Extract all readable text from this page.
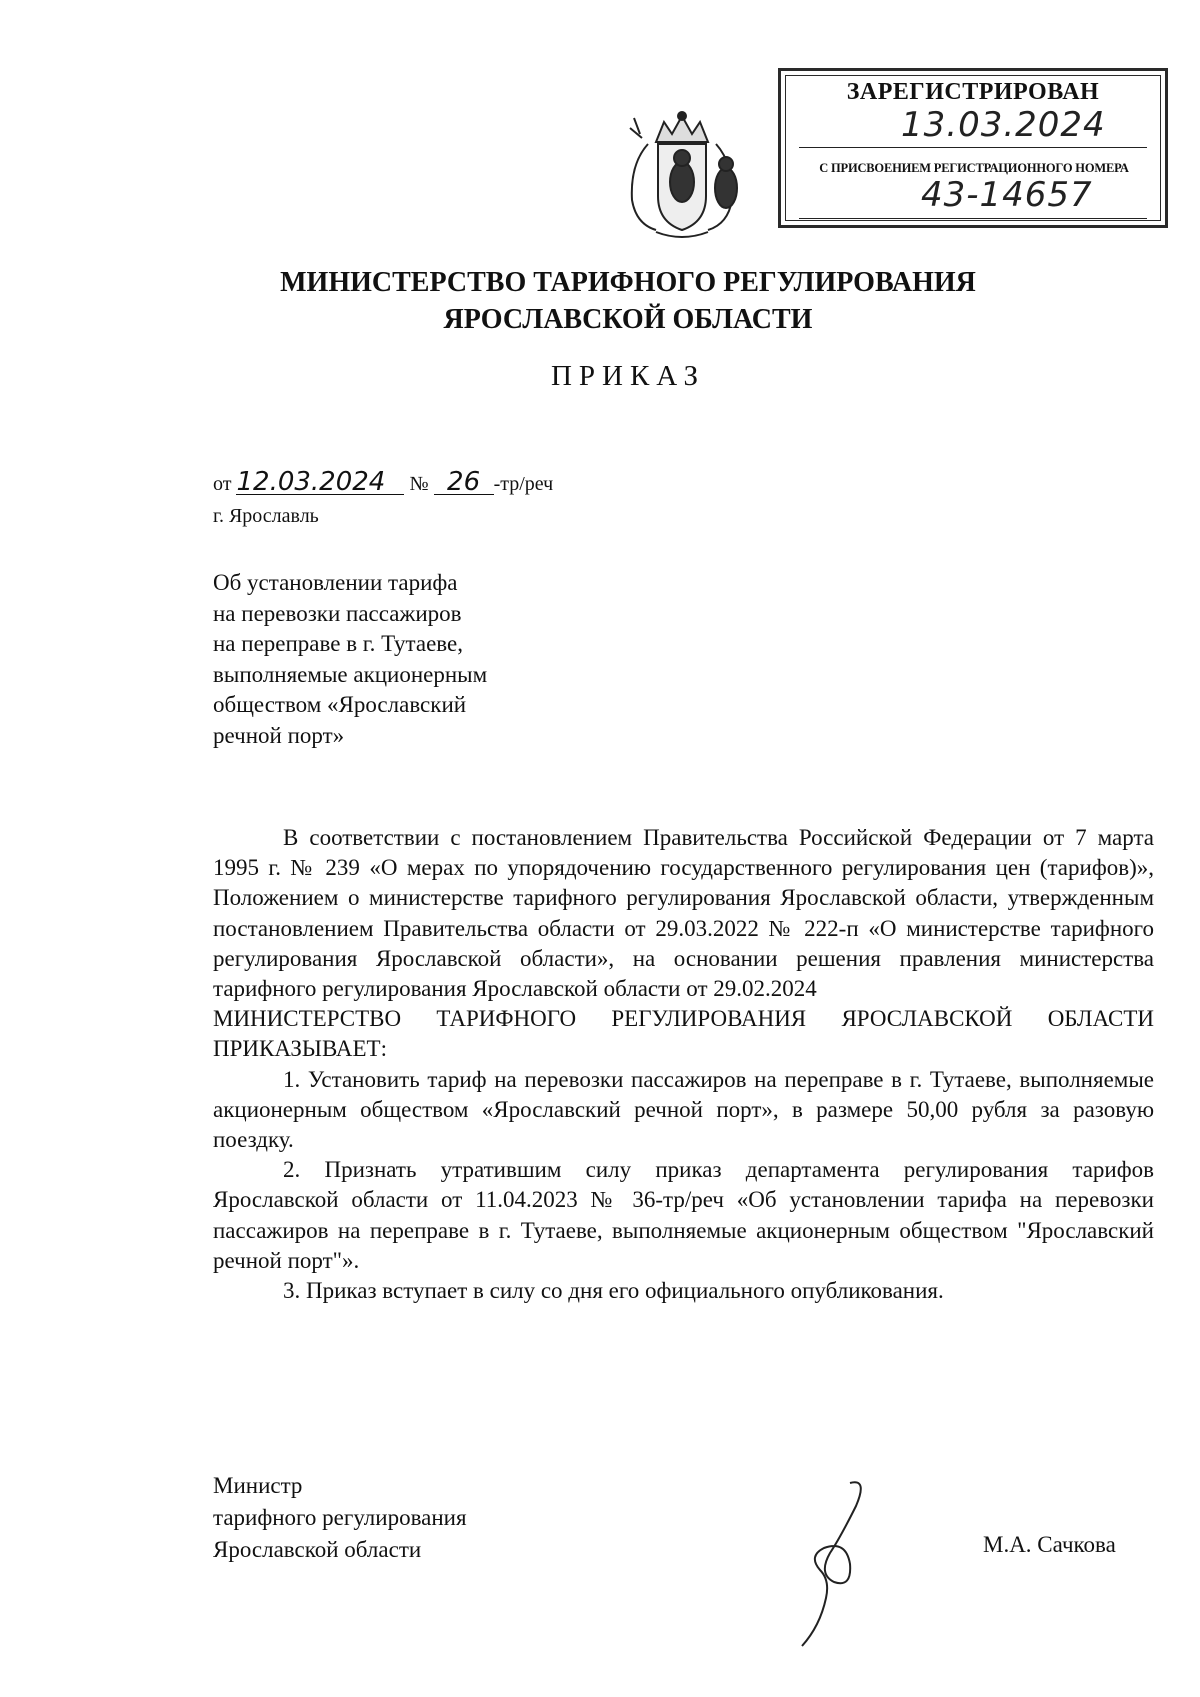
ЗАРЕГИСТРИРОВАН
13.03.2024
С ПРИСВОЕНИЕМ РЕГИСТРАЦИОННОГО НОМЕРА
43-14657
МИНИСТЕРСТВО ТАРИФНОГО РЕГУЛИРОВАНИЯ
ЯРОСЛАВСКОЙ ОБЛАСТИ
ПРИКАЗ
от 12.03.2024 № 26 -тр/реч
г. Ярославль
Об установлении тарифа
на перевозки пассажиров
на переправе в г. Тутаеве,
выполняемые акционерным
обществом «Ярославский
речной порт»

В соответствии с постановлением Правительства Российской Федерации от 7 марта 1995 г. № 239 «О мерах по упорядочению государственного регулирования цен (тарифов)», Положением о министерстве тарифного регулирования Ярославской области, утвержденным постановлением Правительства области от 29.03.2022 № 222-п «О министерстве тарифного регулирования Ярославской области», на основании решения правления министерства тарифного регулирования Ярославской области от 29.02.2024

МИНИСТЕРСТВО ТАРИФНОГО РЕГУЛИРОВАНИЯ ЯРОСЛАВСКОЙ ОБЛАСТИ ПРИКАЗЫВАЕТ:

1. Установить тариф на перевозки пассажиров на переправе в г. Тутаеве, выполняемые акционерным обществом «Ярославский речной порт», в размере 50,00 рубля за разовую поездку.

2. Признать утратившим силу приказ департамента регулирования тарифов Ярославской области от 11.04.2023 № 36-тр/реч «Об установлении тарифа на перевозки пассажиров на переправе в г. Тутаеве, выполняемые акционерным обществом "Ярославский речной порт"».

3. Приказ вступает в силу со дня его официального опубликования.

Министр
тарифного регулирования
Ярославской области	М.А. Сачкова
